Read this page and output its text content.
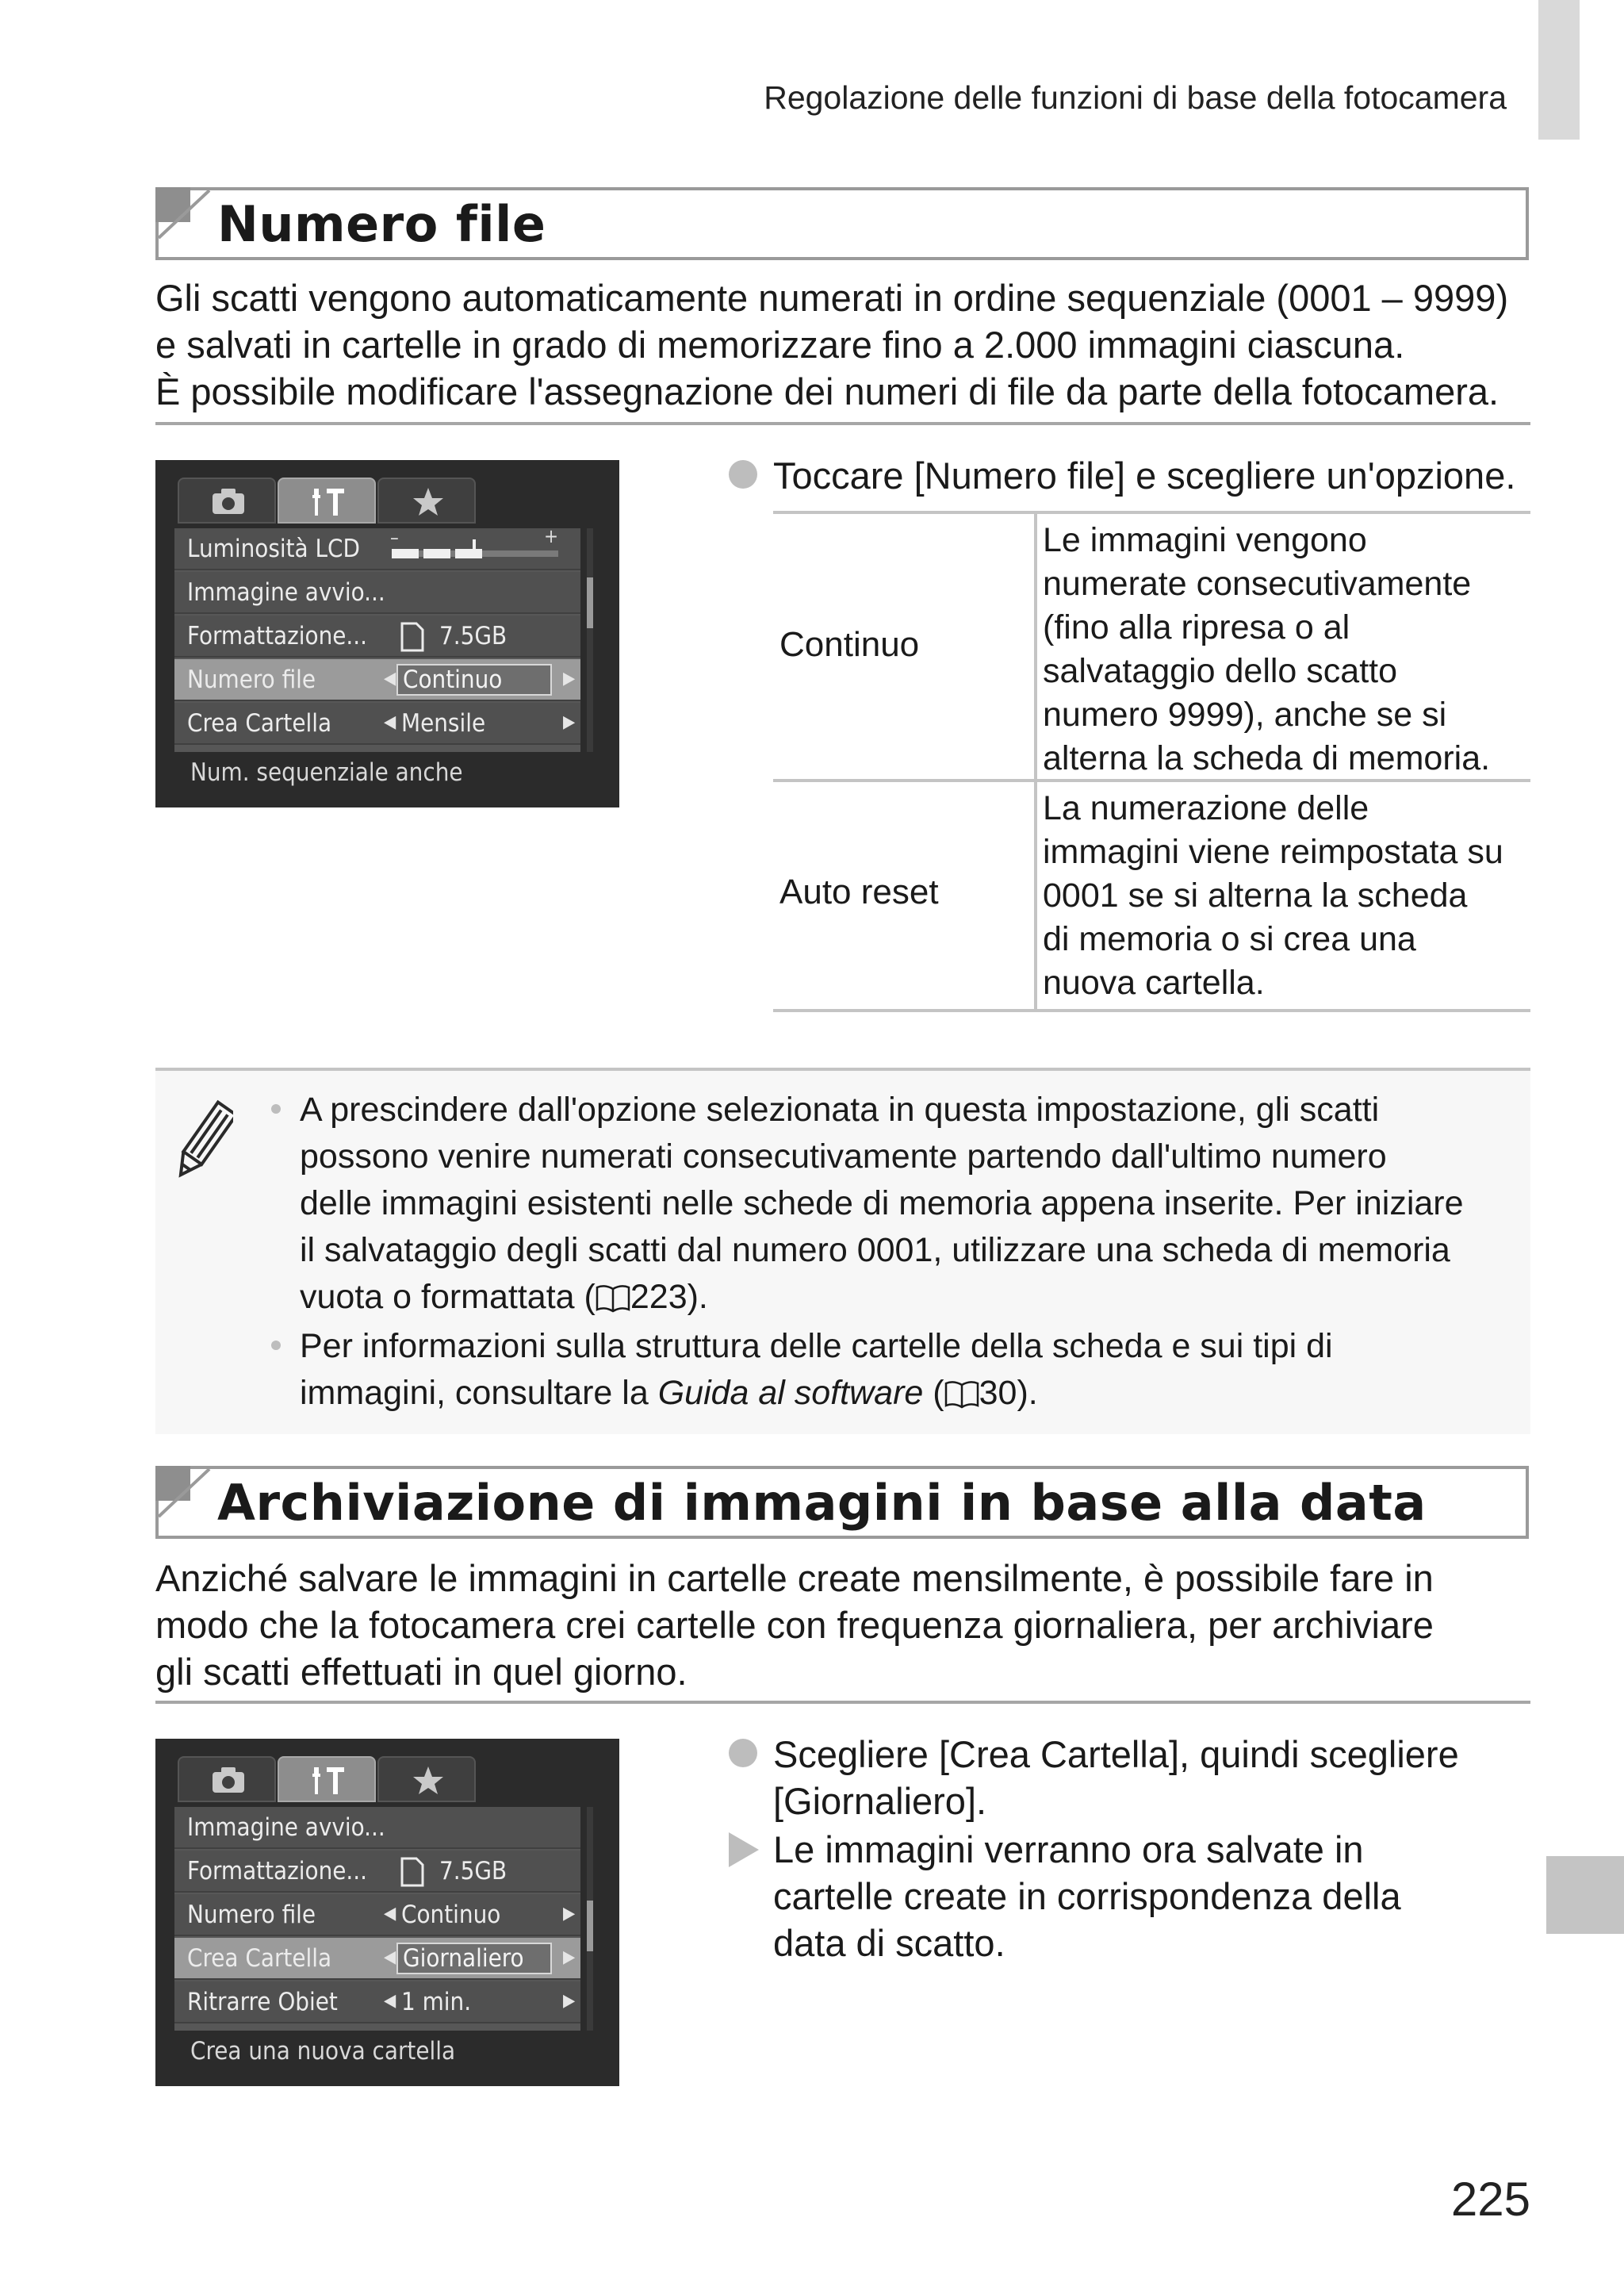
Regolazione delle funzioni di base della fotocamera
Numero file
Gli scatti vengono automaticamente numerati in ordine sequenziale (0001 – 9999)
e salvati in cartelle in grado di memorizzare fino a 2.000 immagini ciascuna.
È possibile modificare l'assegnazione dei numeri di file da parte della fotocamera.
Luminosità LCD –	+
Immagine avvio...
Formattazione...	7.5GB
Numero file	◀ Continuo	▶
Crea Cartella	◀ Mensile	▶
Num. sequenziale anche
Toccare [Numero file] e scegliere un'opzione.
Continuo
Le immagini vengono
numerate consecutivamente
(fino alla ripresa o al
salvataggio dello scatto
numero 9999), anche se si
alterna la scheda di memoria.
Auto reset
La numerazione delle
immagini viene reimpostata su
0001 se si alterna la scheda
di memoria o si crea una
nuova cartella.
A prescindere dall'opzione selezionata in questa impostazione, gli scatti
possono venire numerati consecutivamente partendo dall'ultimo numero
delle immagini esistenti nelle schede di memoria appena inserite. Per iniziare
il salvataggio degli scatti dal numero 0001, utilizzare una scheda di memoria
vuota o formattata ( 223).
Per informazioni sulla struttura delle cartelle della scheda e sui tipi di
immagini, consultare la Guida al software ( 30).
Archiviazione di immagini in base alla data
Anziché salvare le immagini in cartelle create mensilmente, è possibile fare in
modo che la fotocamera crei cartelle con frequenza giornaliera, per archiviare
gli scatti effettuati in quel giorno.
Immagine avvio...
Formattazione...	7.5GB
Numero file	◀ Continuo	▶
Crea Cartella	◀ Giornaliero ▶
Ritrarre Obiet	◀ 1 min.	▶
Crea una nuova cartella
Scegliere [Crea Cartella], quindi scegliere
[Giornaliero].
Le immagini verranno ora salvate in
cartelle create in corrispondenza della
data di scatto.
225
